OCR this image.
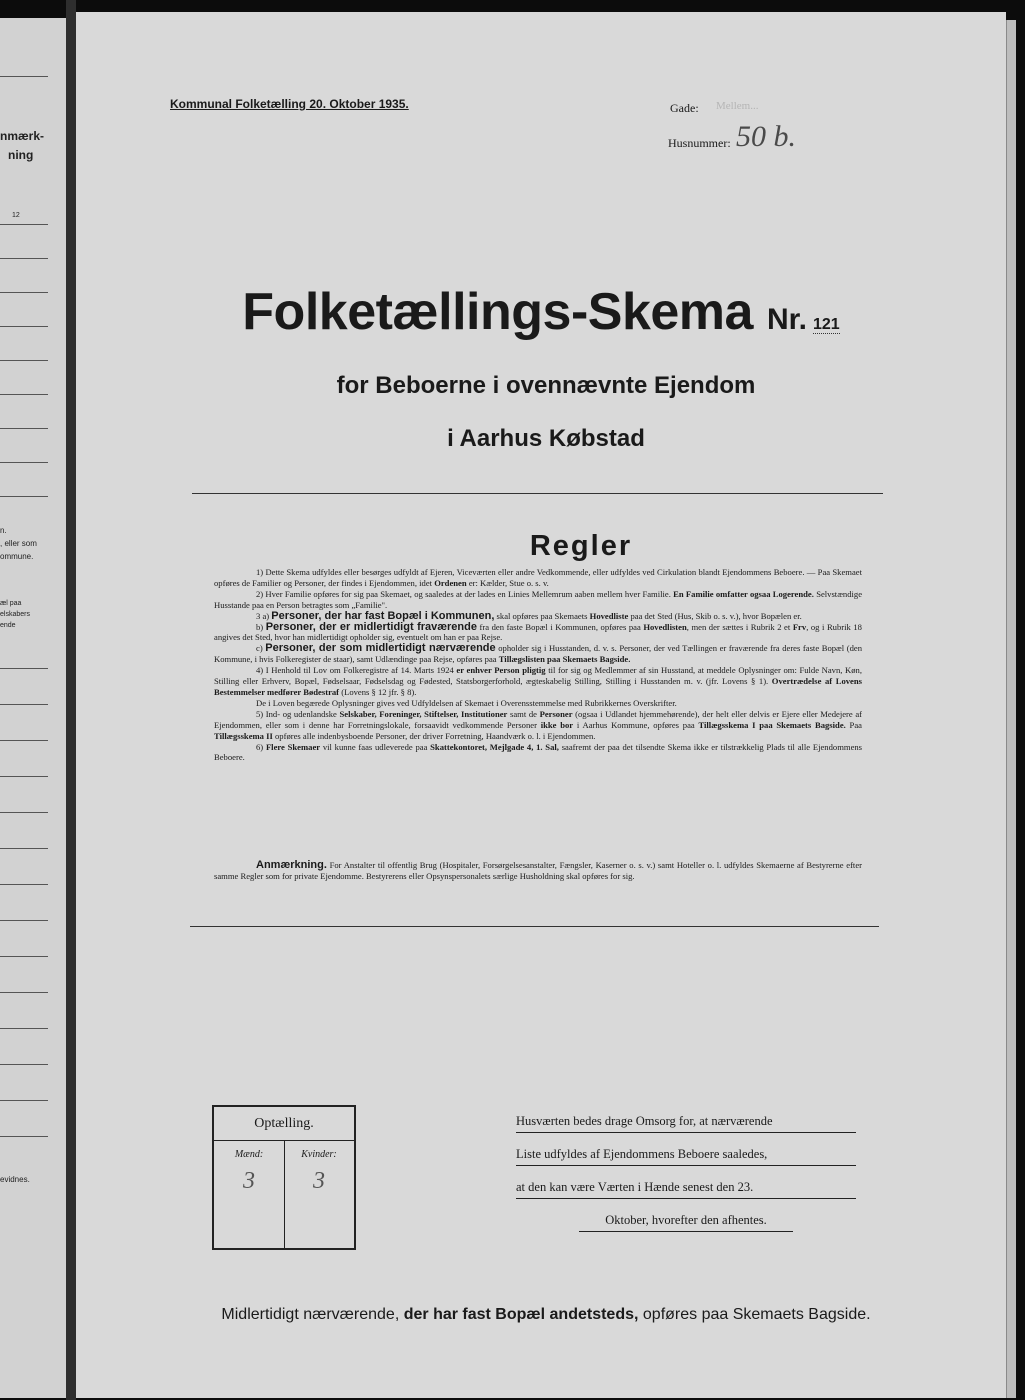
nmærk-
ning
12
n.
, eller som
ommune.
æl paa
elskabers
ende
evidnes.
Kommunal Folketælling 20. Oktober 1935.	Gade: Mellem...
Husnummer: 50 b.
Folketællings-Skema Nr. 121
for Beboerne i ovennævnte Ejendom
i Aarhus Købstad
Regler

1) Dette Skema udfyldes eller besørges udfyldt af Ejeren, Viceværten eller andre Vedkommende, eller udfyldes ved Cirkulation blandt Ejendommens Beboere. — Paa Skemaet opføres de Familier og Personer, der findes i Ejendommen, idet Ordenen er: Kælder, Stue o. s. v.

2) Hver Familie opføres for sig paa Skemaet, og saaledes at der lades en Linies Mellemrum aaben mellem hver Familie. En Familie omfatter ogsaa Logerende. Selvstændige Husstande paa en Person betragtes som „Familie".

3 a) Personer, der har fast Bopæl i Kommunen, skal opføres paa Skemaets Hovedliste paa det Sted (Hus, Skib o. s. v.), hvor Bopælen er.

b) Personer, der er midlertidigt fraværende fra den faste Bopæl i Kommunen, opføres paa Hovedlisten, men der sættes i Rubrik 2 et Frv, og i Rubrik 18 angives det Sted, hvor han midlertidigt opholder sig, eventuelt om han er paa Rejse.

c) Personer, der som midlertidigt nærværende opholder sig i Husstanden, d. v. s. Personer, der ved Tællingen er fraværende fra deres faste Bopæl (den Kommune, i hvis Folkeregister de staar), samt Udlændinge paa Rejse, opføres paa Tillægslisten paa Skemaets Bagside.

4) I Henhold til Lov om Folkeregistre af 14. Marts 1924 er enhver Person pligtig til for sig og Medlemmer af sin Husstand, at meddele Oplysninger om: Fulde Navn, Køn, Stilling eller Erhverv, Bopæl, Fødselsaar, Fødselsdag og Fødested, Statsborgerforhold, ægteskabelig Stilling, Stilling i Husstanden m. v. (jfr. Lovens § 1). Overtrædelse af Lovens Bestemmelser medfører Bødestraf (Lovens § 12 jfr. § 8).

De i Loven begærede Oplysninger gives ved Udfyldelsen af Skemaet i Overensstemmelse med Rubrikkernes Overskrifter.

5) Ind- og udenlandske Selskaber, Foreninger, Stiftelser, Institutioner samt de Personer (ogsaa i Udlandet hjemmehørende), der helt eller delvis er Ejere eller Medejere af Ejendommen, eller som i denne har Forretningslokale, forsaavidt vedkommende Personer ikke bor i Aarhus Kommune, opføres paa Tillægsskema I paa Skemaets Bagside. Paa Tillægsskema II opføres alle indenbysboende Personer, der driver Forretning, Haandværk o. l. i Ejendommen.

6) Flere Skemaer vil kunne faas udleverede paa Skattekontoret, Mejlgade 4, 1. Sal, saafremt der paa det tilsendte Skema ikke er tilstrækkelig Plads til alle Ejendommens Beboere.

Anmærkning. For Anstalter til offentlig Brug (Hospitaler, Forsørgelsesanstalter, Fængsler, Kaserner o. s. v.) samt Hoteller o. l. udfyldes Skemaerne af Bestyrerne efter samme Regler som for private Ejendomme. Bestyrerens eller Opsynspersonalets særlige Husholdning skal opføres for sig.

Optælling.
Mænd:
3
Kvinder:
3
Husværten bedes drage Omsorg for, at nærværende
Liste udfyldes af Ejendommens Beboere saaledes,
at den kan være Værten i Hænde senest den 23.
Oktober, hvorefter den afhentes.
Midlertidigt nærværende, der har fast Bopæl andetsteds, opføres paa Skemaets Bagside.
